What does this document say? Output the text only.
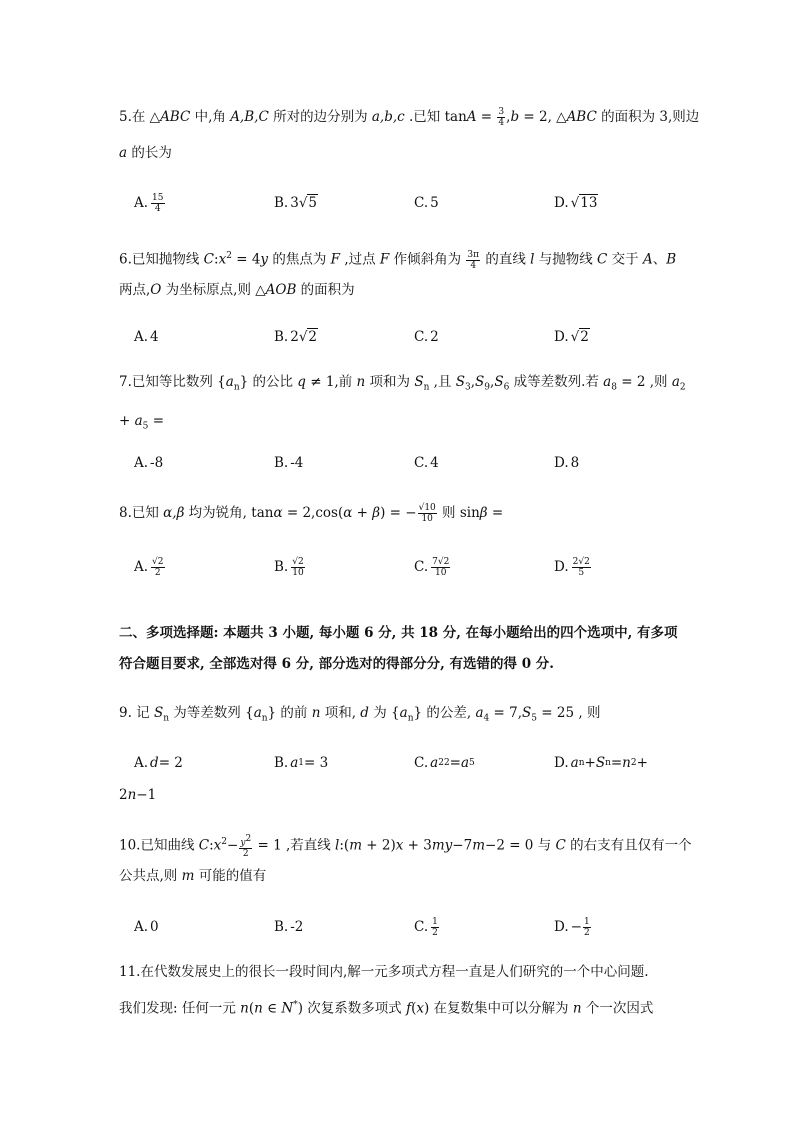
5.在 △ABC 中,角 A,B,C 所对的边分别为 a,b,c .已知 $\tan A = \frac{3}{4} ,b = 2$, △ABC 的面积为 3,则边
a 的长为
A. $\frac{15}{4}$	B. 3 √5	C. 5	D. √13
6.已知抛物线 $C:x^2 = 4y$ 的焦点为 F ,过点 F 作倾斜角为 $\frac{3\pi}{4}$ 的直线 l 与抛物线 C 交于 A、B
两点,O 为坐标原点,则 △AOB 的面积为
A. 4	B. 2 √2	C. 2	D. √2
7.已知等比数列 $\{a_n\}$ 的公比 q ≠ 1,前 n 项和为 $S_n$ ,且 $S_3,S_9,S_6$ 成等差数列.若 $a_8 = 2$ ,则 $a_2$
+ $a_5$ =
A. -8	B. -4	C. 4	D. 8
8.已知 α,β 均为锐角, tanα = 2,cos(α + β) = − $\frac{√10}{10}$ 则 sinβ =
A. $\frac{√2}{2}$	B. $\frac{√2}{10}$	C. $\frac{7√2}{10}$	D. $\frac{2√2}{5}$
二、多项选择题: 本题共 3 小题, 每小题 6 分, 共 18 分, 在每小题给出的四个选项中, 有多项
符合题目要求, 全部选对得 6 分, 部分选对的得部分分, 有选错的得 0 分.
9. 记 $S_n$ 为等差数列 $\{a_n\}$ 的前 n 项和, d 为 $\{a_n\}$ 的公差, $a_4 = 7,S_5 = 25$ , 则
A. d = 2	B. a 1 = 3	C. a 2 2 = a 5	D. a n + S n = n 2 +
2n−1
10.已知曲线 $C:x^2- \frac{y^2}{2} = 1$ ,若直线 l:(m + 2)x + 3my−7m−2 = 0 与 C 的右支有且仅有一个
公共点,则 m 可能的值有
A. 0	B. -2	C. $\frac{1}{2}$	D. − $\frac{1}{2}$
11.在代数发展史上的很长一段时间内,解一元多项式方程一直是人们研究的一个中心问题.
我们发现: 任何一元 n(n ∈ N*) 次复系数多项式 f(x) 在复数集中可以分解为 n 个一次因式
